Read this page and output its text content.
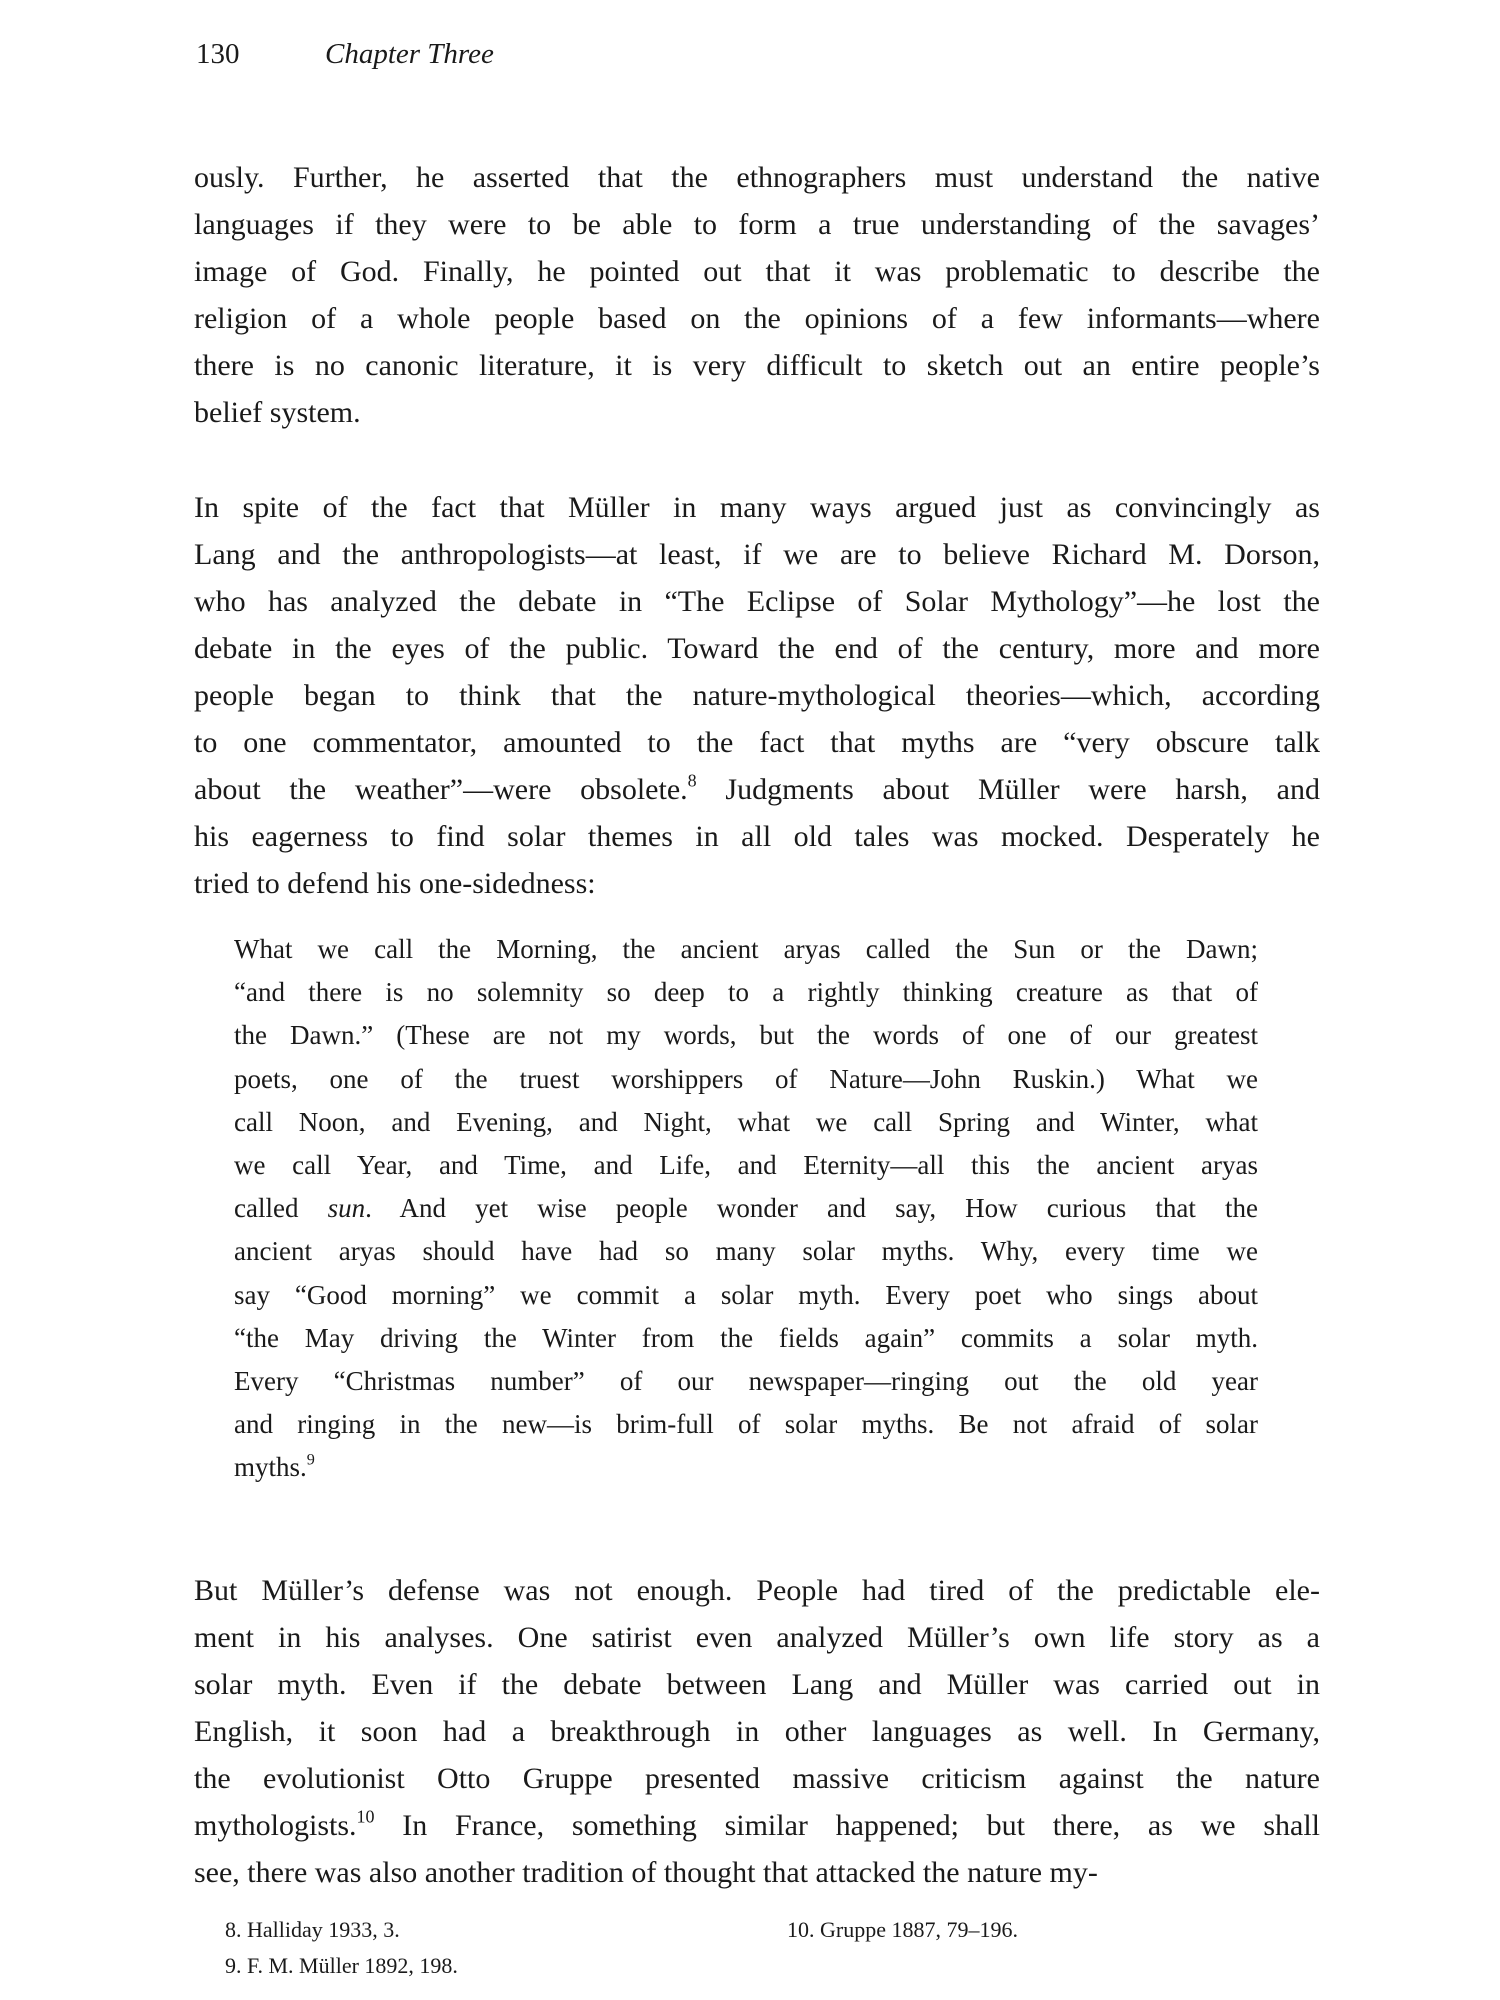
130	Chapter Three
ously. Further, he asserted that the ethnographers must understand the native
languages if they were to be able to form a true understanding of the savages’
image of God. Finally, he pointed out that it was problematic to describe the
religion of a whole people based on the opinions of a few informants—where
there is no canonic literature, it is very difficult to sketch out an entire people’s
belief system.
In spite of the fact that Müller in many ways argued just as convincingly as
Lang and the anthropologists—at least, if we are to believe Richard M. Dorson,
who has analyzed the debate in “The Eclipse of Solar Mythology”—he lost the
debate in the eyes of the public. Toward the end of the century, more and more
people began to think that the nature-mythological theories—which, according
to one commentator, amounted to the fact that myths are “very obscure talk
about the weather”—were obsolete.$^8$ Judgments about Müller were harsh, and
his eagerness to find solar themes in all old tales was mocked. Desperately he
tried to defend his one-sidedness:
What we call the Morning, the ancient aryas called the Sun or the Dawn;
“and there is no solemnity so deep to a rightly thinking creature as that of
the Dawn.” (These are not my words, but the words of one of our greatest
poets, one of the truest worshippers of Nature—John Ruskin.) What we
call Noon, and Evening, and Night, what we call Spring and Winter, what
we call Year, and Time, and Life, and Eternity—all this the ancient aryas
called sun. And yet wise people wonder and say, How curious that the
ancient aryas should have had so many solar myths. Why, every time we
say “Good morning” we commit a solar myth. Every poet who sings about
“the May driving the Winter from the fields again” commits a solar myth.
Every “Christmas number” of our newspaper—ringing out the old year
and ringing in the new—is brim-full of solar myths. Be not afraid of solar
myths.$^9$
But Müller’s defense was not enough. People had tired of the predictable ele-
ment in his analyses. One satirist even analyzed Müller’s own life story as a
solar myth. Even if the debate between Lang and Müller was carried out in
English, it soon had a breakthrough in other languages as well. In Germany,
the evolutionist Otto Gruppe presented massive criticism against the nature
mythologists.$^{10}$ In France, something similar happened; but there, as we shall
see, there was also another tradition of thought that attacked the nature my-
8. Halliday 1933, 3.
9. F. M. Müller 1892, 198.
10. Gruppe 1887, 79–196.
